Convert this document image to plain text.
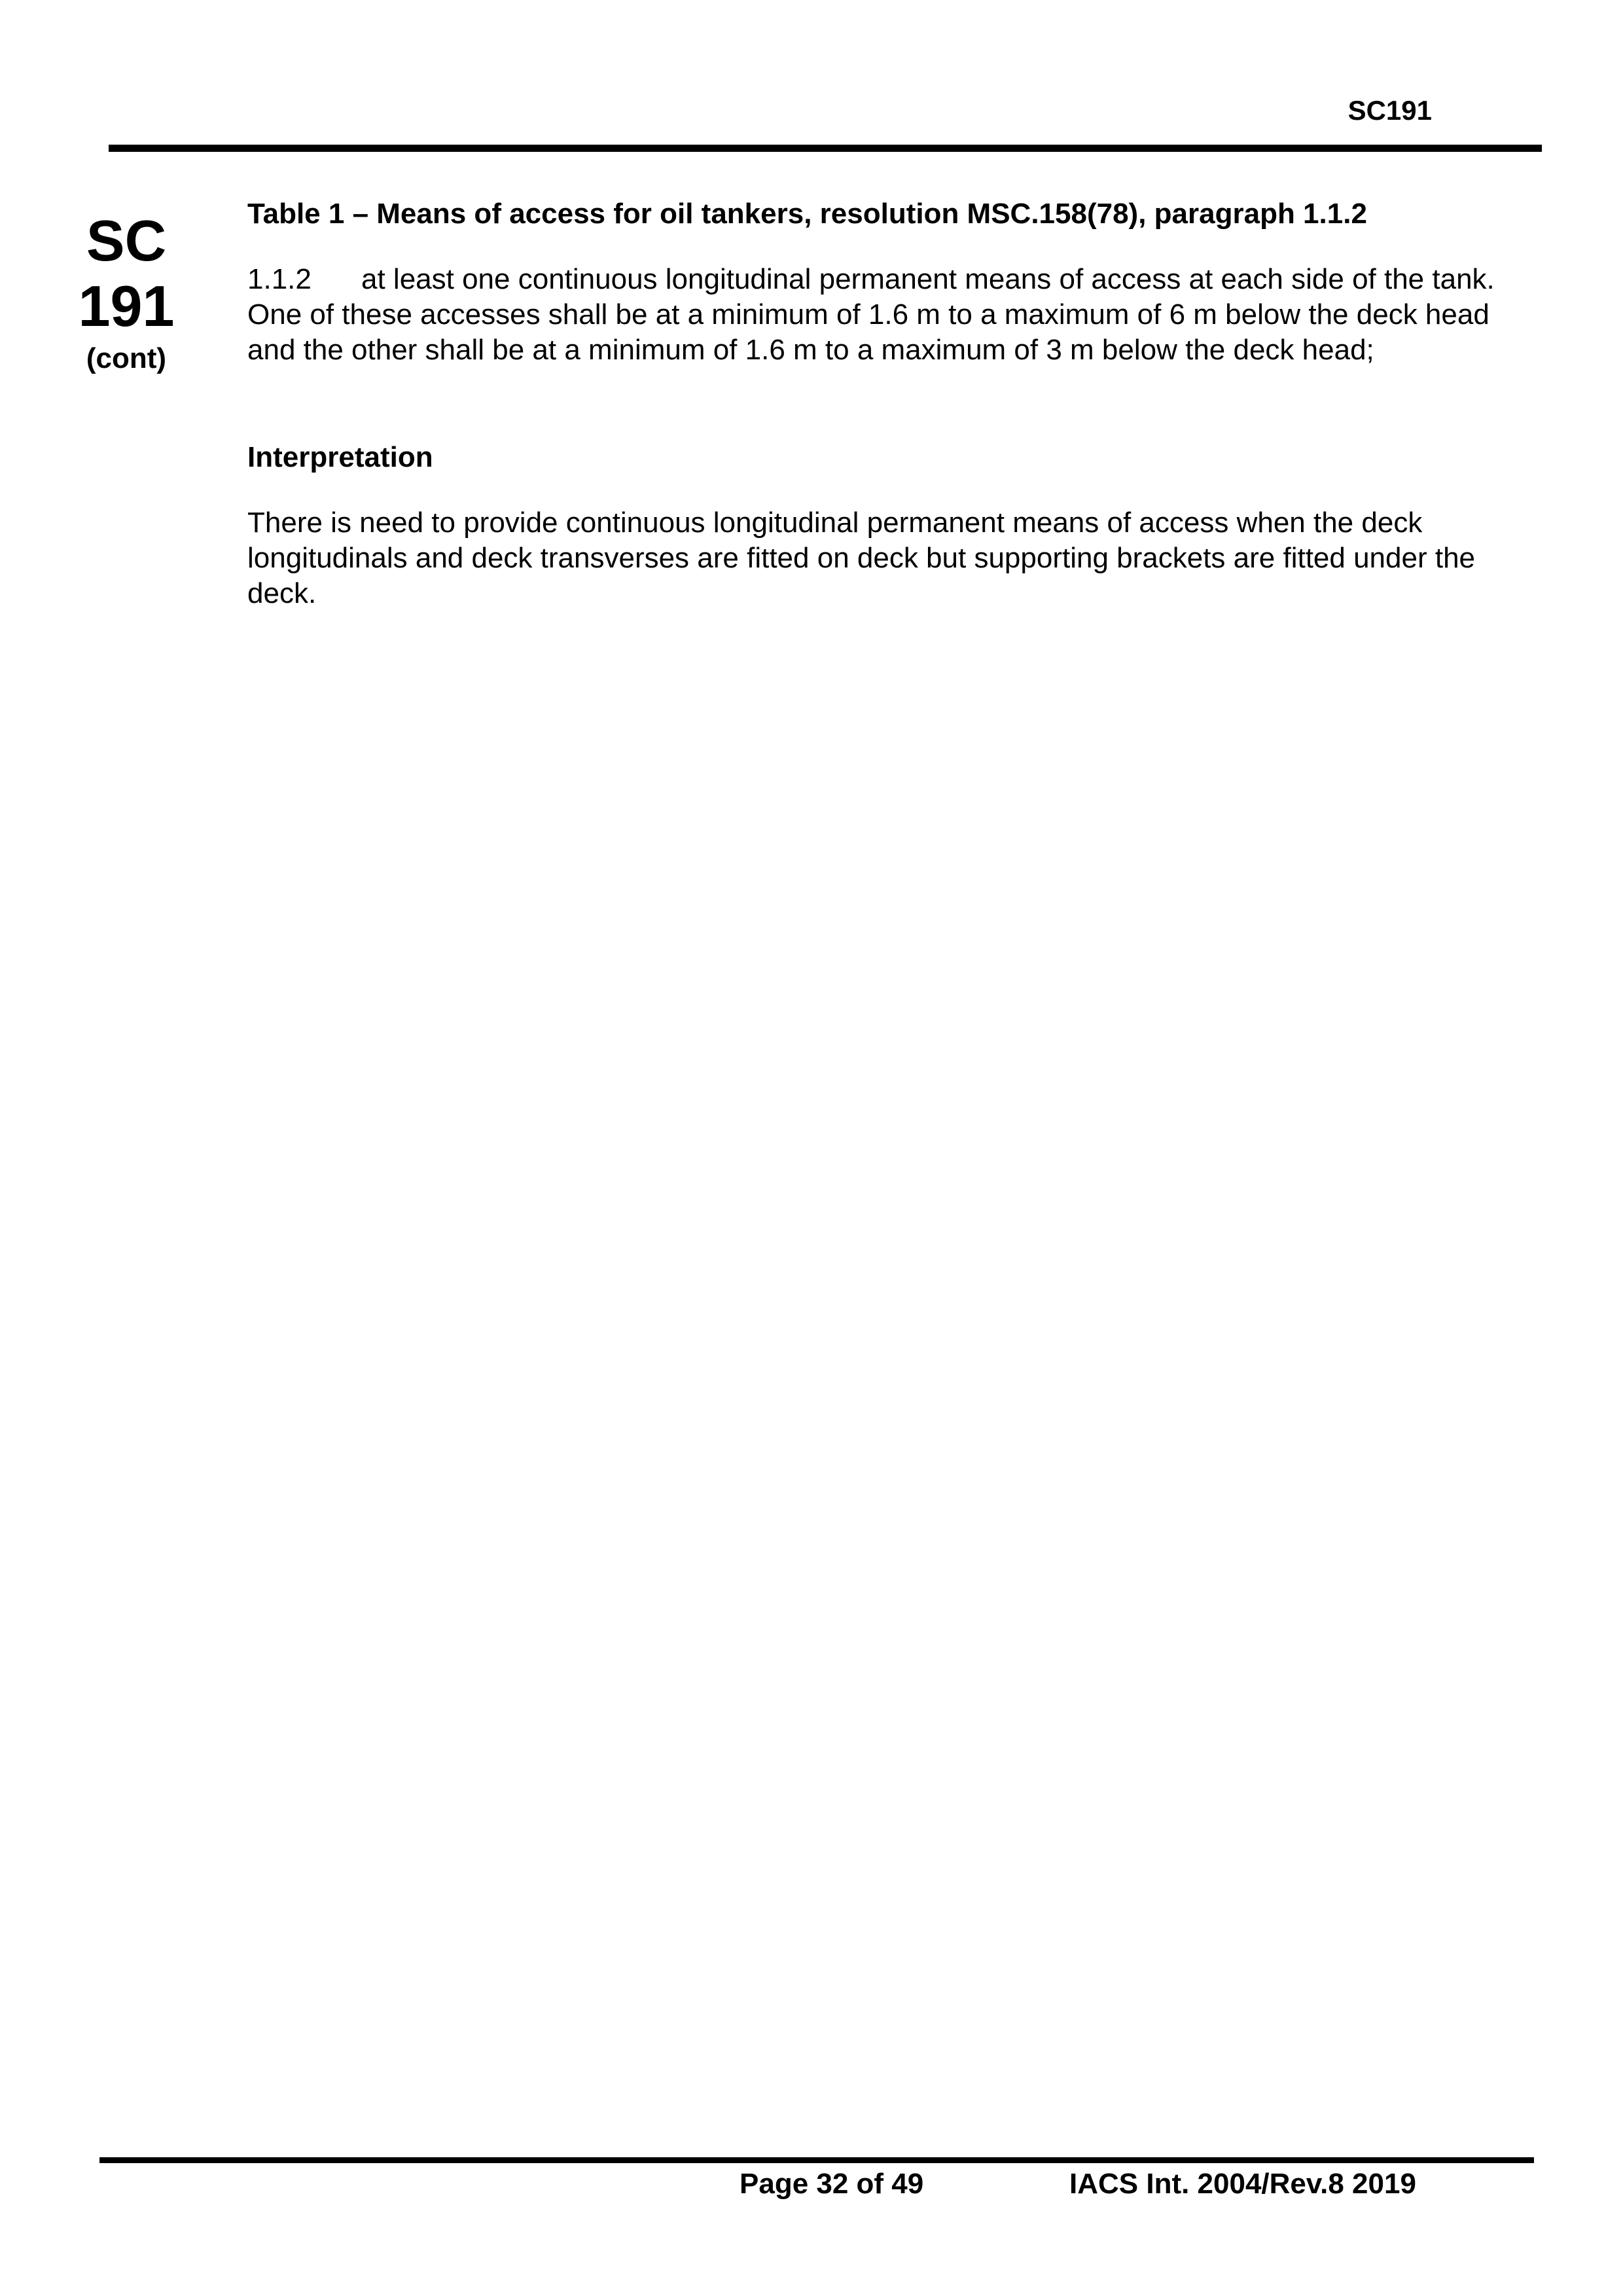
SC191
SC
191
(cont)

Table 1 – Means of access for oil tankers, resolution MSC.158(78), paragraph 1.1.2

1.1.2 at least one continuous longitudinal permanent means of access at each side of the tank. One of these accesses shall be at a minimum of 1.6 m to a maximum of 6 m below the deck head and the other shall be at a minimum of 1.6 m to a maximum of 3 m below the deck head;

Interpretation

There is need to provide continuous longitudinal permanent means of access when the deck longitudinals and deck transverses are fitted on deck but supporting brackets are fitted under the deck.

Page 32 of 49	IACS Int. 2004/Rev.8 2019
